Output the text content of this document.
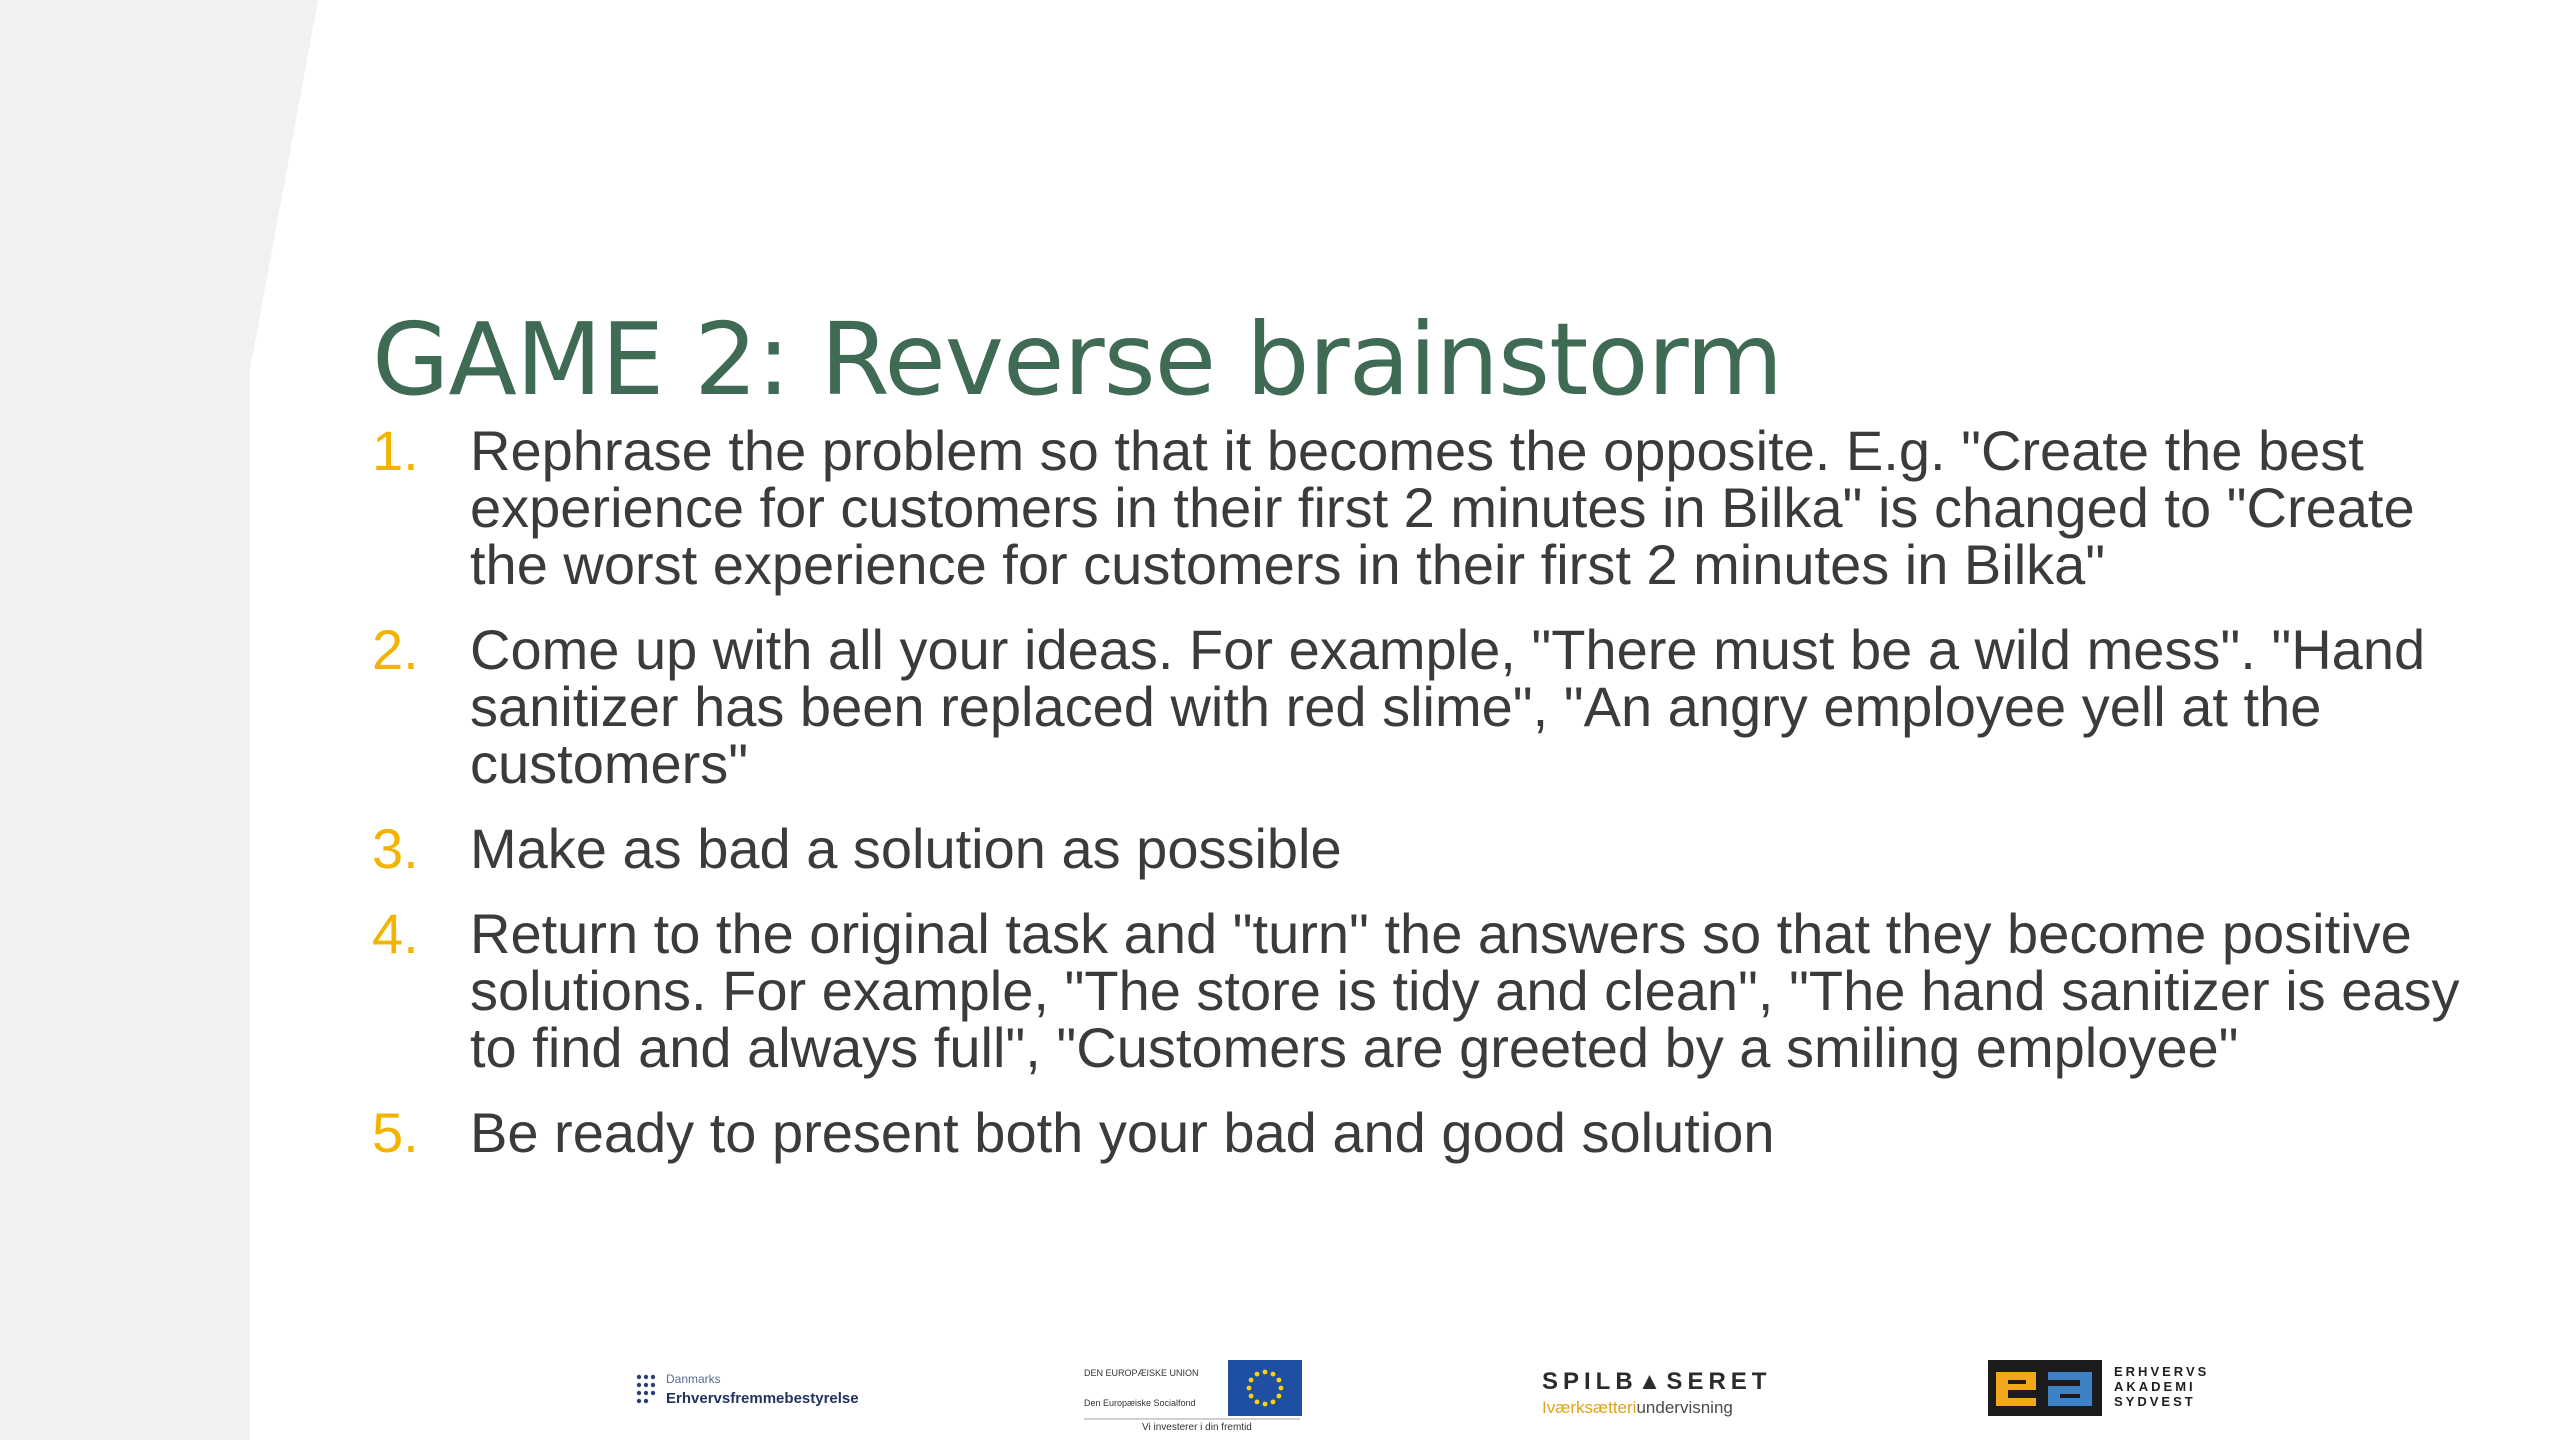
GAME 2: Reverse brainstorm
1. Rephrase the problem so that it becomes the opposite. E.g. "Create the best experience for customers in their first 2 minutes in Bilka" is changed to "Create the worst experience for customers in their first 2 minutes in Bilka"
2. Come up with all your ideas. For example, "There must be a wild mess". "Hand sanitizer has been replaced with red slime", "An angry employee yell at the customers"
3. Make as bad a solution as possible
4. Return to the original task and "turn" the answers so that they become positive solutions. For example, "The store is tidy and clean", "The hand sanitizer is easy to find and always full", "Customers are greeted by a smiling employee"
5. Be ready to present both your bad and good solution
Danmarks
Erhvervsfremmebestyrelse
DEN EUROPÆISKE UNION
Den Europæiske Socialfond
Vi investerer i din fremtid
SPILB▲SERET
Iværksætteriundervisning
ERHVERVS
AKADEMI
SYDVEST
